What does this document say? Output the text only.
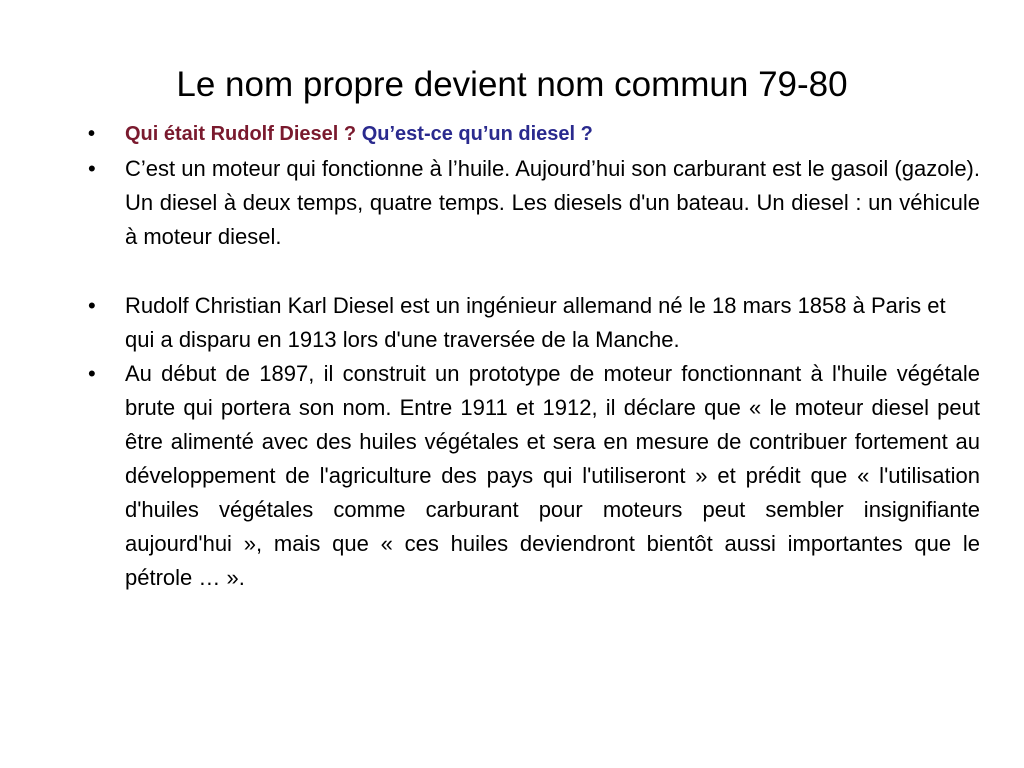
Le nom propre devient nom commun 79-80
•	Qui était Rudolf Diesel ? Qu’est-ce qu’un diesel ?
•	C’est un moteur qui fonctionne à l’huile. Aujourd’hui son carburant est le gasoil (gazole). Un diesel à deux temps, quatre temps. Les diesels d'un bateau. Un diesel : un véhicule à moteur diesel.
•	Rudolf Christian Karl Diesel est un ingénieur allemand né le 18 mars 1858 à Paris et qui a disparu en 1913 lors d'une traversée de la Manche.
•	Au début de 1897, il construit un prototype de moteur fonctionnant à l'huile végétale brute qui portera son nom. Entre 1911 et 1912, il déclare que « le moteur diesel peut être alimenté avec des huiles végétales et sera en mesure de contribuer fortement au développement de l'agriculture des pays qui l'utiliseront » et prédit que « l'utilisation d'huiles végétales comme carburant pour moteurs peut sembler insignifiante aujourd'hui », mais que « ces huiles deviendront bientôt aussi importantes que le pétrole … ».
